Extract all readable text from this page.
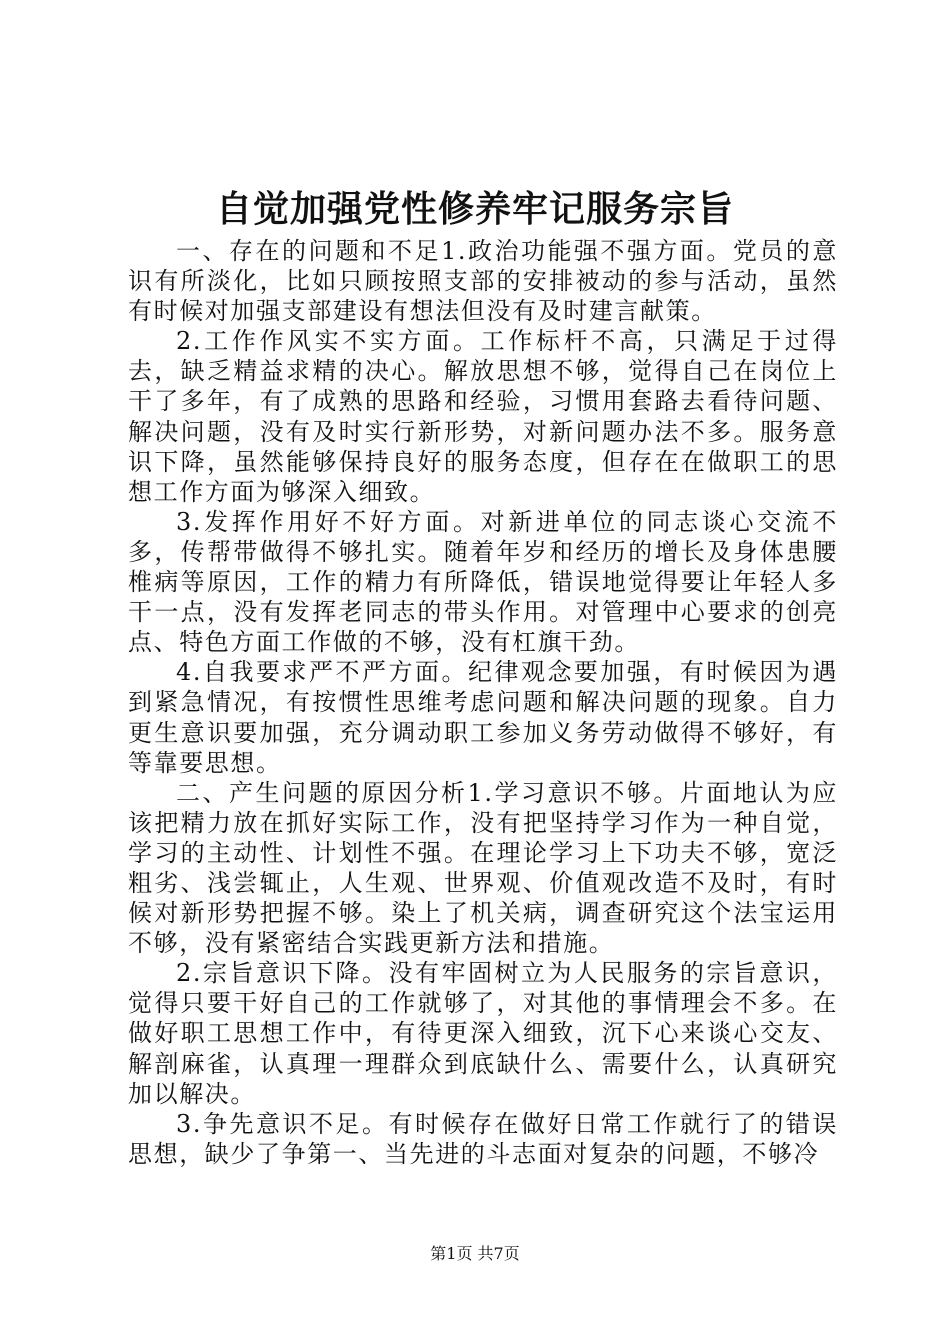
自觉加强党性修养牢记服务宗旨

一、存在的问题和不足1.政治功能强不强方面。党员的意识有所淡化，比如只顾按照支部的安排被动的参与活动，虽然有时候对加强支部建设有想法但没有及时建言献策。

2.工作作风实不实方面。工作标杆不高，只满足于过得去，缺乏精益求精的决心。解放思想不够，觉得自己在岗位上干了多年，有了成熟的思路和经验，习惯用套路去看待问题、解决问题，没有及时实行新形势，对新问题办法不多。服务意识下降，虽然能够保持良好的服务态度，但存在在做职工的思想工作方面为够深入细致。

3.发挥作用好不好方面。对新进单位的同志谈心交流不多，传帮带做得不够扎实。随着年岁和经历的增长及身体患腰椎病等原因，工作的精力有所降低，错误地觉得要让年轻人多干一点，没有发挥老同志的带头作用。对管理中心要求的创亮点、特色方面工作做的不够，没有杠旗干劲。

4.自我要求严不严方面。纪律观念要加强，有时候因为遇到紧急情况，有按惯性思维考虑问题和解决问题的现象。自力更生意识要加强，充分调动职工参加义务劳动做得不够好，有等靠要思想。

二、产生问题的原因分析1.学习意识不够。片面地认为应该把精力放在抓好实际工作，没有把坚持学习作为一种自觉，学习的主动性、计划性不强。在理论学习上下功夫不够，宽泛粗劣、浅尝辄止，人生观、世界观、价值观改造不及时，有时候对新形势把握不够。染上了机关病，调查研究这个法宝运用不够，没有紧密结合实践更新方法和措施。

2.宗旨意识下降。没有牢固树立为人民服务的宗旨意识，觉得只要干好自己的工作就够了，对其他的事情理会不多。在做好职工思想工作中，有待更深入细致，沉下心来谈心交友、解剖麻雀，认真理一理群众到底缺什么、需要什么，认真研究加以解决。

3.争先意识不足。有时候存在做好日常工作就行了的错误思想，缺少了争第一、当先进的斗志面对复杂的问题，不够冷

第1页 共7页
